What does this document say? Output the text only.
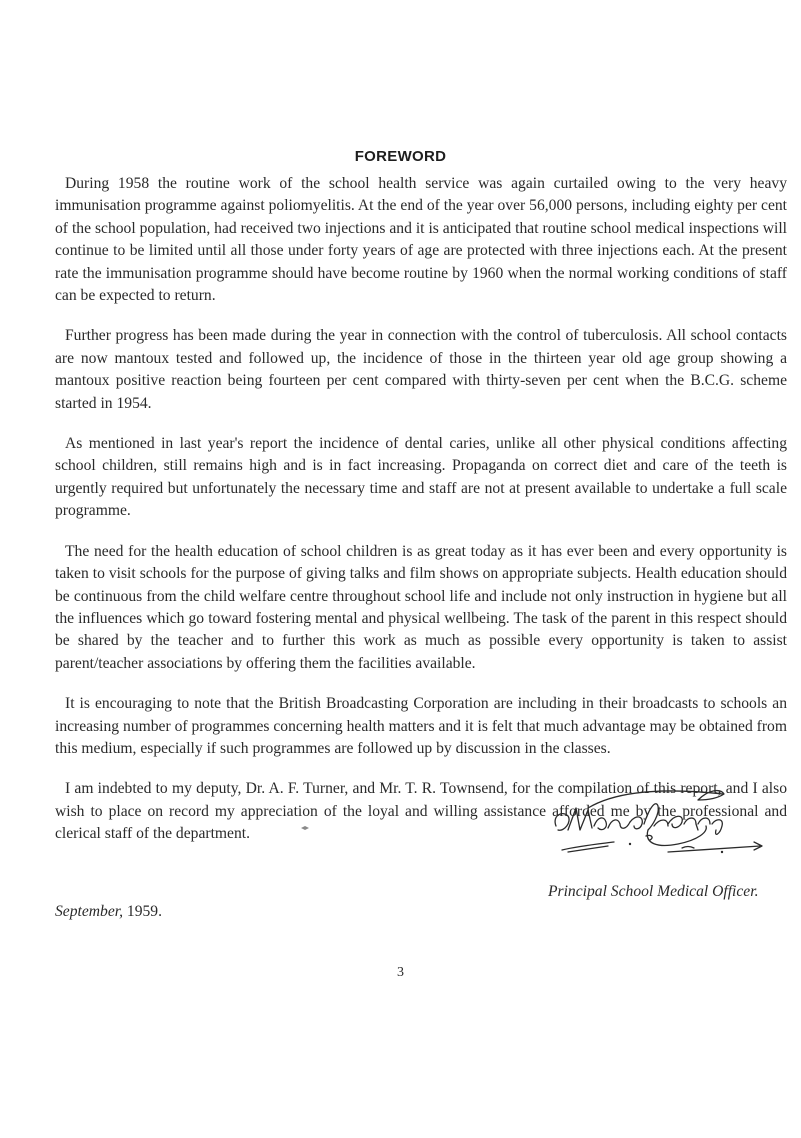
FOREWORD

During 1958 the routine work of the school health service was again curtailed owing to the very heavy immunisation programme against poliomyelitis. At the end of the year over 56,000 persons, including eighty per cent of the school population, had received two injections and it is anticipated that routine school medical inspections will continue to be limited until all those under forty years of age are protected with three injections each. At the present rate the immunisation programme should have become routine by 1960 when the normal working conditions of staff can be expected to return.

Further progress has been made during the year in connection with the control of tuberculosis. All school contacts are now mantoux tested and followed up, the incidence of those in the thirteen year old age group showing a mantoux positive reaction being fourteen per cent compared with thirty-seven per cent when the B.C.G. scheme started in 1954.

As mentioned in last year's report the incidence of dental caries, unlike all other physical conditions affecting school children, still remains high and is in fact increasing. Propaganda on correct diet and care of the teeth is urgently required but unfortunately the necessary time and staff are not at present available to undertake a full scale programme.

The need for the health education of school children is as great today as it has ever been and every opportunity is taken to visit schools for the purpose of giving talks and film shows on appropriate subjects. Health education should be continuous from the child welfare centre throughout school life and include not only instruction in hygiene but all the influences which go toward fostering mental and physical wellbeing. The task of the parent in this respect should be shared by the teacher and to further this work as much as possible every opportunity is taken to assist parent/teacher associations by offering them the facilities available.

It is encouraging to note that the British Broadcasting Corporation are including in their broadcasts to schools an increasing number of programmes concerning health matters and it is felt that much advantage may be obtained from this medium, especially if such programmes are followed up by discussion in the classes.

I am indebted to my deputy, Dr. A. F. Turner, and Mr. T. R. Townsend, for the compilation of this report, and I also wish to place on record my appreciation of the loyal and willing assistance afforded me by the professional and clerical staff of the department.

Principal School Medical Officer.
September, 1959.
3
